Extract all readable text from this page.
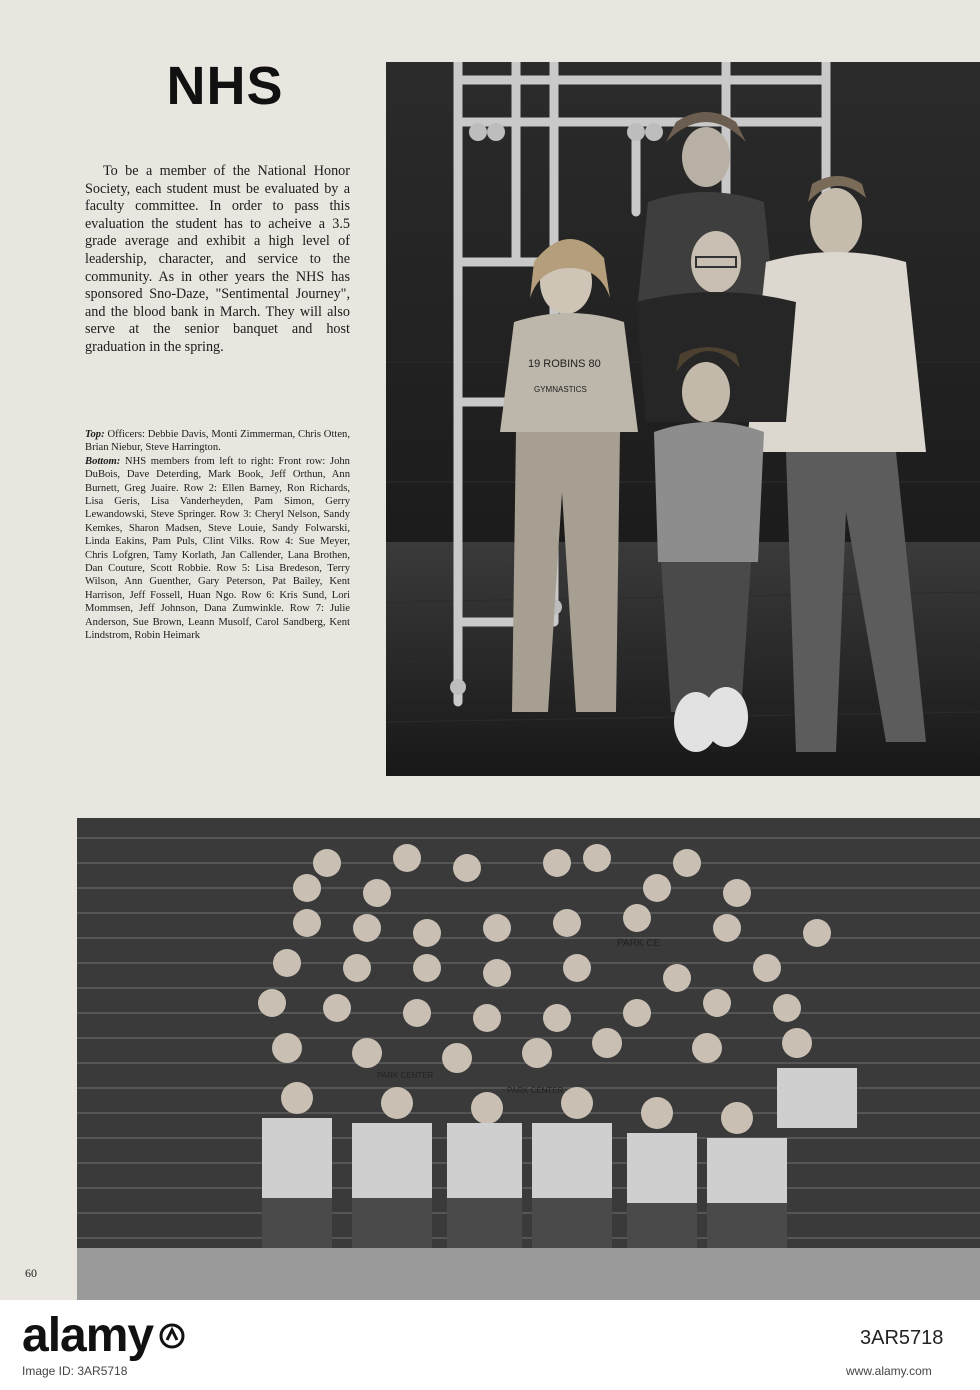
NHS

To be a member of the National Honor Society, each student must be evaluated by a faculty committee. In order to pass this evaluation the student has to acheive a 3.5 grade average and exhibit a high level of leadership, character, and service to the community. As in other years the NHS has sponsored Sno-Daze, "Sentimental Journey", and the blood bank in March. They will also serve at the senior banquet and host graduation in the spring.

Top: Officers: Debbie Davis, Monti Zimmerman, Chris Otten, Brian Niebur, Steve Harrington.

Bottom: NHS members from left to right: Front row: John DuBois, Dave Deterding, Mark Book, Jeff Orthun, Ann Burnett, Greg Juaire. Row 2: Ellen Barney, Ron Richards, Lisa Geris, Lisa Vanderheyden, Pam Simon, Gerry Lewandowski, Steve Springer. Row 3: Cheryl Nelson, Sandy Kemkes, Sharon Madsen, Steve Louie, Sandy Folwarski, Linda Eakins, Pam Puls, Clint Vilks. Row 4: Sue Meyer, Chris Lofgren, Tamy Korlath, Jan Callender, Lana Brothen, Dan Couture, Scott Robbie. Row 5: Lisa Bredeson, Terry Wilson, Ann Guenther, Gary Peterson, Pat Bailey, Kent Harrison, Jeff Fossell, Huan Ngo. Row 6: Kris Sund, Lori Mommsen, Jeff Johnson, Dana Zumwinkle. Row 7: Julie Anderson, Sue Brown, Leann Musolf, Carol Sandberg, Kent Lindstrom, Robin Heimark

19 ROBINS 80
GYMNASTICS
PARK CE
PARK CENTER
PARK CENTER
60
alamy	3AR5718
Image ID: 3AR5718	www.alamy.com
